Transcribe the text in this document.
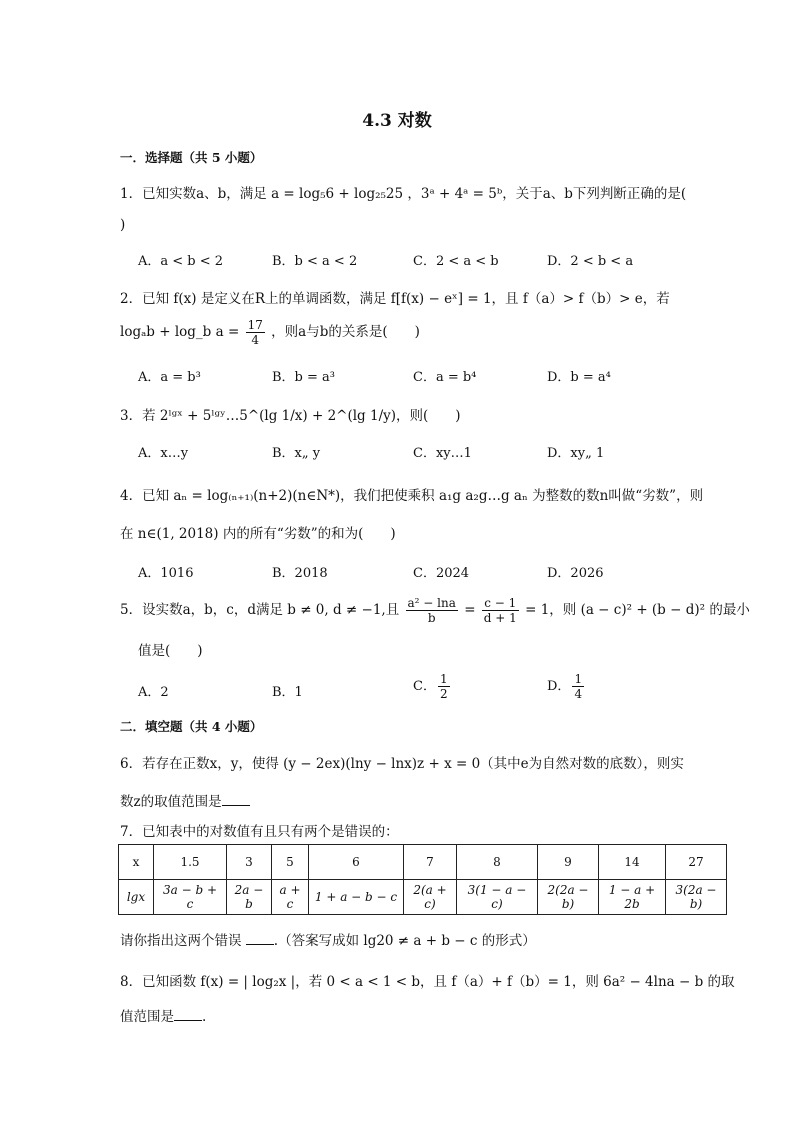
4.3 对数
一．选择题（共 5 小题）
1．已知实数a、b，满足 a = log₅6 + log₂₅25 ，3ᵃ + 4ᵃ = 5ᵇ，关于a、b下列判断正确的是(
)
A．a < b < 2	B．b < a < 2	C．2 < a < b	D．2 < b < a
2．已知 f(x) 是定义在R上的单调函数，满足 f[f(x) − eˣ] = 1，且 f（a）> f（b）> e，若
logₐb + log_b $a = \frac{17}{4}$ ，则a与b的关系是(　　)
A．a = b³	B．b = a³	C．a = b⁴	D．b = a⁴
3．若 2ˡᵍˣ + 5ˡᵍʸ…5^(lg 1/x) + 2^(lg 1/y)，则(　　)
A．x…y	B．x„ y	C．xy…1	D．xy„ 1
4．已知 aₙ = log₍ₙ₊₁₎(n+2)(n∈N*)，我们把使乘积 a₁g a₂g…g aₙ 为整数的数n叫做“劣数”，则
在 n∈(1, 2018) 内的所有“劣数”的和为(　　)
A．1016	B．2018	C．2024	D．2026
5．设实数a，b，c，d满足 b ≠ 0, d ≠ −1,且 $\frac{\text{a² − lna}}{b} = \frac{c - 1}{d + 1} = 1$，则 (a − c)² + (b − d)² 的最小
值是(　　)
A．2	B．1	C． $\frac{1}{2}$	D． $\frac{1}{4}$
二．填空题（共 4 小题）
6．若存在正数x，y，使得 (y − 2ex)(lny − lnx)z + x = 0（其中e为自然对数的底数），则实
数z的取值范围是
7．已知表中的对数值有且只有两个是错误的：
x	1.5	3	5	6	7	8	9	14	27
lgx	3a − b + c	2a − b	a + c	1 + a − b − c	2(a + c)	3(1 − a − c)	2(2a − b)	1 − a + 2b	3(2a − b)
请你指出这两个错误 .（答案写成如 lg20 ≠ a + b − c 的形式）
8．已知函数 f(x) = | log₂x |，若 0 < a < 1 < b，且 f（a）+ f（b）= 1，则 6a² − 4lna − b 的取
值范围是 .
